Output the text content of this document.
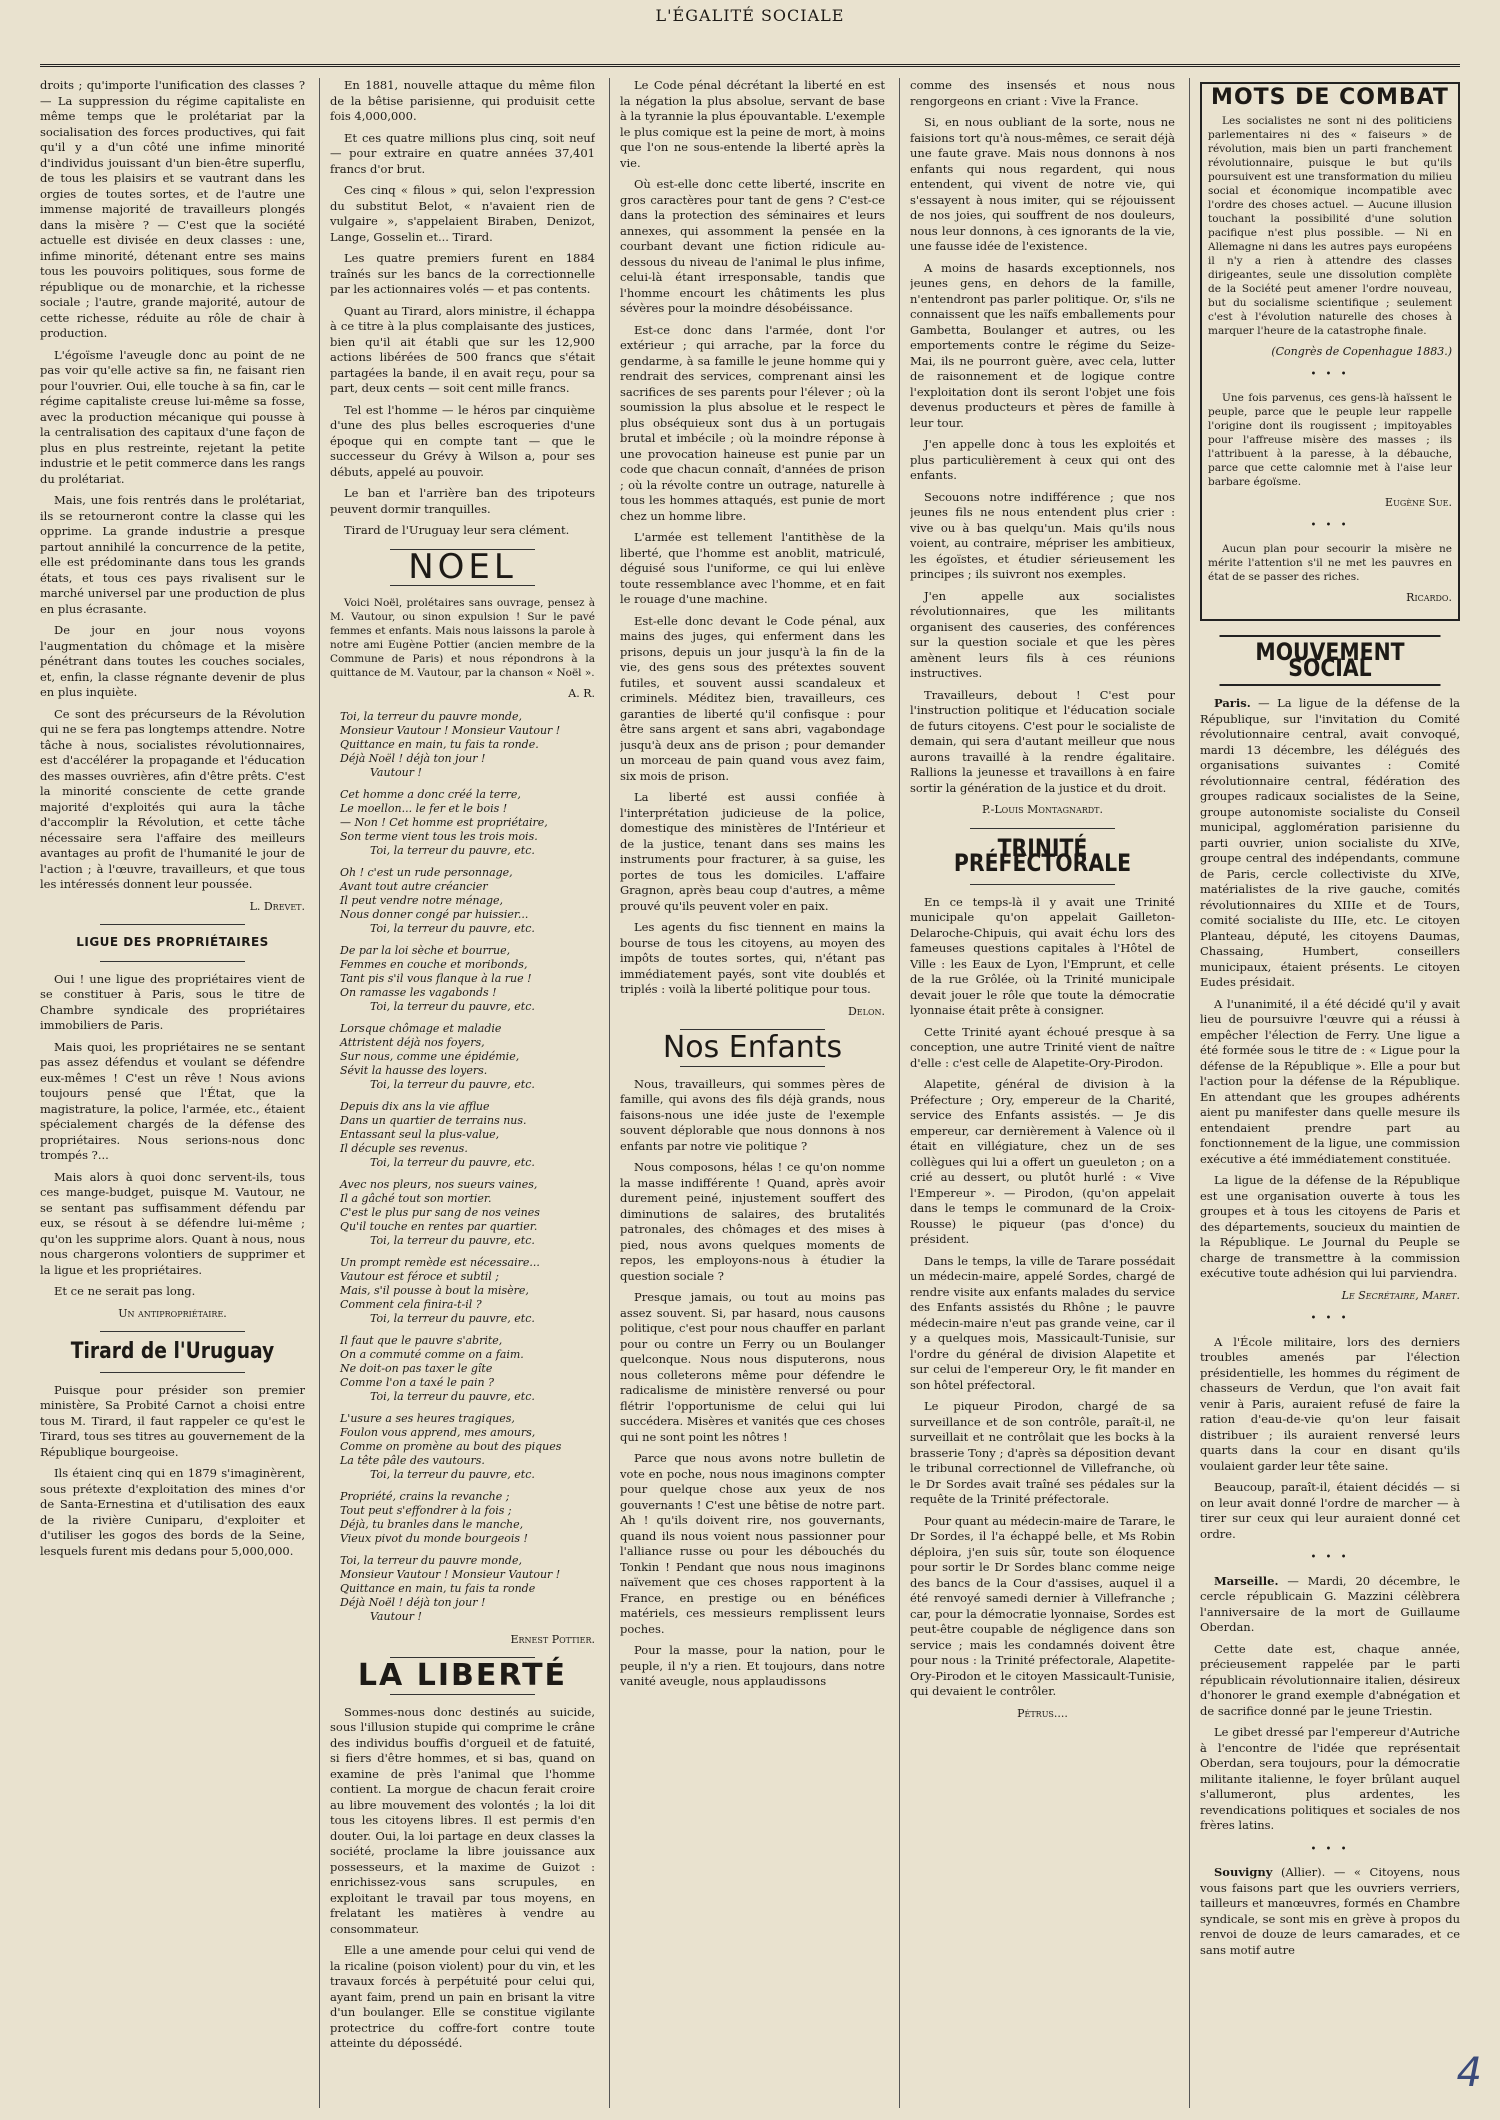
L'ÉGALITÉ SOCIALE

droits ; qu'importe l'unification des classes ? — La suppression du régime capitaliste en même temps que le prolétariat par la socialisation des forces productives, qui fait qu'il y a d'un côté une infime minorité d'individus jouissant d'un bien-être superflu, de tous les plaisirs et se vautrant dans les orgies de toutes sortes, et de l'autre une immense majorité de travailleurs plongés dans la misère ? — C'est que la société actuelle est divisée en deux classes : une, infime minorité, détenant entre ses mains tous les pouvoirs politiques, sous forme de république ou de monarchie, et la richesse sociale ; l'autre, grande majorité, autour de cette richesse, réduite au rôle de chair à production.

L'égoïsme l'aveugle donc au point de ne pas voir qu'elle active sa fin, ne faisant rien pour l'ouvrier. Oui, elle touche à sa fin, car le régime capitaliste creuse lui-même sa fosse, avec la production mécanique qui pousse à la centralisation des capitaux d'une façon de plus en plus restreinte, rejetant la petite industrie et le petit commerce dans les rangs du prolétariat.

Mais, une fois rentrés dans le prolétariat, ils se retourneront contre la classe qui les opprime. La grande industrie a presque partout annihilé la concurrence de la petite, elle est prédominante dans tous les grands états, et tous ces pays rivalisent sur le marché universel par une production de plus en plus écrasante.

De jour en jour nous voyons l'augmentation du chômage et la misère pénétrant dans toutes les couches sociales, et, enfin, la classe régnante devenir de plus en plus inquiète.

Ce sont des précurseurs de la Révolution qui ne se fera pas longtemps attendre. Notre tâche à nous, socialistes révolutionnaires, est d'accélérer la propagande et l'éducation des masses ouvrières, afin d'être prêts. C'est la minorité consciente de cette grande majorité d'exploités qui aura la tâche d'accomplir la Révolution, et cette tâche nécessaire sera l'affaire des meilleurs avantages au profit de l'humanité le jour de l'action ; à l'œuvre, travailleurs, et que tous les intéressés donnent leur poussée.

L. Drevet.
LIGUE DES PROPRIÉTAIRES

Oui ! une ligue des propriétaires vient de se constituer à Paris, sous le titre de Chambre syndicale des propriétaires immobiliers de Paris.

Mais quoi, les propriétaires ne se sentant pas assez défendus et voulant se défendre eux-mêmes ! C'est un rêve ! Nous avions toujours pensé que l'État, que la magistrature, la police, l'armée, etc., étaient spécialement chargés de la défense des propriétaires. Nous serions-nous donc trompés ?...

Mais alors à quoi donc servent-ils, tous ces mange-budget, puisque M. Vautour, ne se sentant pas suffisamment défendu par eux, se résout à se défendre lui-même ; qu'on les supprime alors. Quant à nous, nous nous chargerons volontiers de supprimer et la ligue et les propriétaires.

Et ce ne serait pas long.

Un antipropriétaire.
Tirard de l'Uruguay

Puisque pour présider son premier ministère, Sa Probité Carnot a choisi entre tous M. Tirard, il faut rappeler ce qu'est le Tirard, tous ses titres au gouvernement de la République bourgeoise.

Ils étaient cinq qui en 1879 s'imaginèrent, sous prétexte d'exploitation des mines d'or de Santa-Ernestina et d'utilisation des eaux de la rivière Cuniparu, d'exploiter et d'utiliser les gogos des bords de la Seine, lesquels furent mis dedans pour 5,000,000.

En 1881, nouvelle attaque du même filon de la bêtise parisienne, qui produisit cette fois 4,000,000.

Et ces quatre millions plus cinq, soit neuf — pour extraire en quatre années 37,401 francs d'or brut.

Ces cinq « filous » qui, selon l'expression du substitut Belot, « n'avaient rien de vulgaire », s'appelaient Biraben, Denizot, Lange, Gosselin et... Tirard.

Les quatre premiers furent en 1884 traînés sur les bancs de la correctionnelle par les actionnaires volés — et pas contents.

Quant au Tirard, alors ministre, il échappa à ce titre à la plus complaisante des justices, bien qu'il ait établi que sur les 12,900 actions libérées de 500 francs que s'était partagées la bande, il en avait reçu, pour sa part, deux cents — soit cent mille francs.

Tel est l'homme — le héros par cinquième d'une des plus belles escroqueries d'une époque qui en compte tant — que le successeur du Grévy à Wilson a, pour ses débuts, appelé au pouvoir.

Le ban et l'arrière ban des tripoteurs peuvent dormir tranquilles.

Tirard de l'Uruguay leur sera clément.

NOEL

Voici Noël, prolétaires sans ouvrage, pensez à M. Vautour, ou sinon expulsion ! Sur le pavé femmes et enfants. Mais nous laissons la parole à notre ami Eugène Pottier (ancien membre de la Commune de Paris) et nous répondrons à la quittance de M. Vautour, par la chanson « Noël ».

A. R.
Toi, la terreur du pauvre monde,
Monsieur Vautour ! Monsieur Vautour !
Quittance en main, tu fais ta ronde.
Déjà Noël ! déjà ton jour !
Vautour !
Cet homme a donc créé la terre,
Le moellon... le fer et le bois !
— Non ! Cet homme est propriétaire,
Son terme vient tous les trois mois.
Toi, la terreur du pauvre, etc.
Oh ! c'est un rude personnage,
Avant tout autre créancier
Il peut vendre notre ménage,
Nous donner congé par huissier...
Toi, la terreur du pauvre, etc.
De par la loi sèche et bourrue,
Femmes en couche et moribonds,
Tant pis s'il vous flanque à la rue !
On ramasse les vagabonds !
Toi, la terreur du pauvre, etc.
Lorsque chômage et maladie
Attristent déjà nos foyers,
Sur nous, comme une épidémie,
Sévit la hausse des loyers.
Toi, la terreur du pauvre, etc.
Depuis dix ans la vie afflue
Dans un quartier de terrains nus.
Entassant seul la plus-value,
Il décuple ses revenus.
Toi, la terreur du pauvre, etc.
Avec nos pleurs, nos sueurs vaines,
Il a gâché tout son mortier.
C'est le plus pur sang de nos veines
Qu'il touche en rentes par quartier.
Toi, la terreur du pauvre, etc.
Un prompt remède est nécessaire...
Vautour est féroce et subtil ;
Mais, s'il pousse à bout la misère,
Comment cela finira-t-il ?
Toi, la terreur du pauvre, etc.
Il faut que le pauvre s'abrite,
On a commuté comme on a faim.
Ne doit-on pas taxer le gîte
Comme l'on a taxé le pain ?
Toi, la terreur du pauvre, etc.
L'usure a ses heures tragiques,
Foulon vous apprend, mes amours,
Comme on promène au bout des piques
La tête pâle des vautours.
Toi, la terreur du pauvre, etc.
Propriété, crains la revanche ;
Tout peut s'effondrer à la fois ;
Déjà, tu branles dans le manche,
Vieux pivot du monde bourgeois !
Toi, la terreur du pauvre monde,
Monsieur Vautour ! Monsieur Vautour !
Quittance en main, tu fais ta ronde
Déjà Noël ! déjà ton jour !
Vautour !
Ernest Pottier.
LA LIBERTÉ

Sommes-nous donc destinés au suicide, sous l'illusion stupide qui comprime le crâne des individus bouffis d'orgueil et de fatuité, si fiers d'être hommes, et si bas, quand on examine de près l'animal que l'homme contient. La morgue de chacun ferait croire au libre mouvement des volontés ; la loi dit tous les citoyens libres. Il est permis d'en douter. Oui, la loi partage en deux classes la société, proclame la libre jouissance aux possesseurs, et la maxime de Guizot : enrichissez-vous sans scrupules, en exploitant le travail par tous moyens, en frelatant les matières à vendre au consommateur.

Elle a une amende pour celui qui vend de la ricaline (poison violent) pour du vin, et les travaux forcés à perpétuité pour celui qui, ayant faim, prend un pain en brisant la vitre d'un boulanger. Elle se constitue vigilante protectrice du coffre-fort contre toute atteinte du dépossédé.

Le Code pénal décrétant la liberté en est la négation la plus absolue, servant de base à la tyrannie la plus épouvantable. L'exemple le plus comique est la peine de mort, à moins que l'on ne sous-entende la liberté après la vie.

Où est-elle donc cette liberté, inscrite en gros caractères pour tant de gens ? C'est-ce dans la protection des séminaires et leurs annexes, qui assomment la pensée en la courbant devant une fiction ridicule au-dessous du niveau de l'animal le plus infime, celui-là étant irresponsable, tandis que l'homme encourt les châtiments les plus sévères pour la moindre désobéissance.

Est-ce donc dans l'armée, dont l'or extérieur ; qui arrache, par la force du gendarme, à sa famille le jeune homme qui y rendrait des services, comprenant ainsi les sacrifices de ses parents pour l'élever ; où la soumission la plus absolue et le respect le plus obséquieux sont dus à un portugais brutal et imbécile ; où la moindre réponse à une provocation haineuse est punie par un code que chacun connaît, d'années de prison ; où la révolte contre un outrage, naturelle à tous les hommes attaqués, est punie de mort chez un homme libre.

L'armée est tellement l'antithèse de la liberté, que l'homme est anoblit, matriculé, déguisé sous l'uniforme, ce qui lui enlève toute ressemblance avec l'homme, et en fait le rouage d'une machine.

Est-elle donc devant le Code pénal, aux mains des juges, qui enferment dans les prisons, depuis un jour jusqu'à la fin de la vie, des gens sous des prétextes souvent futiles, et souvent aussi scandaleux et criminels. Méditez bien, travailleurs, ces garanties de liberté qu'il confisque : pour être sans argent et sans abri, vagabondage jusqu'à deux ans de prison ; pour demander un morceau de pain quand vous avez faim, six mois de prison.

La liberté est aussi confiée à l'interprétation judicieuse de la police, domestique des ministères de l'Intérieur et de la justice, tenant dans ses mains les instruments pour fracturer, à sa guise, les portes de tous les domiciles. L'affaire Gragnon, après beau coup d'autres, a même prouvé qu'ils peuvent voler en paix.

Les agents du fisc tiennent en mains la bourse de tous les citoyens, au moyen des impôts de toutes sortes, qui, n'étant pas immédiatement payés, sont vite doublés et triplés : voilà la liberté politique pour tous.

Delon.
Nos Enfants

Nous, travailleurs, qui sommes pères de famille, qui avons des fils déjà grands, nous faisons-nous une idée juste de l'exemple souvent déplorable que nous donnons à nos enfants par notre vie politique ?

Nous composons, hélas ! ce qu'on nomme la masse indifférente ! Quand, après avoir durement peiné, injustement souffert des diminutions de salaires, des brutalités patronales, des chômages et des mises à pied, nous avons quelques moments de repos, les employons-nous à étudier la question sociale ?

Presque jamais, ou tout au moins pas assez souvent. Si, par hasard, nous causons politique, c'est pour nous chauffer en parlant pour ou contre un Ferry ou un Boulanger quelconque. Nous nous disputerons, nous nous colleterons même pour défendre le radicalisme de ministère renversé ou pour flétrir l'opportunisme de celui qui lui succédera. Misères et vanités que ces choses qui ne sont point les nôtres !

Parce que nous avons notre bulletin de vote en poche, nous nous imaginons compter pour quelque chose aux yeux de nos gouvernants ! C'est une bêtise de notre part. Ah ! qu'ils doivent rire, nos gouvernants, quand ils nous voient nous passionner pour l'alliance russe ou pour les débouchés du Tonkin ! Pendant que nous nous imaginons naïvement que ces choses rapportent à la France, en prestige ou en bénéfices matériels, ces messieurs remplissent leurs poches.

Pour la masse, pour la nation, pour le peuple, il n'y a rien. Et toujours, dans notre vanité aveugle, nous applaudissons

comme des insensés et nous nous rengorgeons en criant : Vive la France.

Si, en nous oubliant de la sorte, nous ne faisions tort qu'à nous-mêmes, ce serait déjà une faute grave. Mais nous donnons à nos enfants qui nous regardent, qui nous entendent, qui vivent de notre vie, qui s'essayent à nous imiter, qui se réjouissent de nos joies, qui souffrent de nos douleurs, nous leur donnons, à ces ignorants de la vie, une fausse idée de l'existence.

A moins de hasards exceptionnels, nos jeunes gens, en dehors de la famille, n'entendront pas parler politique. Or, s'ils ne connaissent que les naïfs emballements pour Gambetta, Boulanger et autres, ou les emportements contre le régime du Seize-Mai, ils ne pourront guère, avec cela, lutter de raisonnement et de logique contre l'exploitation dont ils seront l'objet une fois devenus producteurs et pères de famille à leur tour.

J'en appelle donc à tous les exploités et plus particulièrement à ceux qui ont des enfants.

Secouons notre indifférence ; que nos jeunes fils ne nous entendent plus crier : vive ou à bas quelqu'un. Mais qu'ils nous voient, au contraire, mépriser les ambitieux, les égoïstes, et étudier sérieusement les principes ; ils suivront nos exemples.

J'en appelle aux socialistes révolutionnaires, que les militants organisent des causeries, des conférences sur la question sociale et que les pères amènent leurs fils à ces réunions instructives.

Travailleurs, debout ! C'est pour l'instruction politique et l'éducation sociale de futurs citoyens. C'est pour le socialiste de demain, qui sera d'autant meilleur que nous aurons travaillé à la rendre égalitaire. Rallions la jeunesse et travaillons à en faire sortir la génération de la justice et du droit.

P.-Louis Montagnardt.
TRINITÉ PRÉFECTORALE

En ce temps-là il y avait une Trinité municipale qu'on appelait Gailleton-Delaroche-Chipuis, qui avait échu lors des fameuses questions capitales à l'Hôtel de Ville : les Eaux de Lyon, l'Emprunt, et celle de la rue Grôlée, où la Trinité municipale devait jouer le rôle que toute la démocratie lyonnaise était prête à consigner.

Cette Trinité ayant échoué presque à sa conception, une autre Trinité vient de naître d'elle : c'est celle de Alapetite-Ory-Pirodon.

Alapetite, général de division à la Préfecture ; Ory, empereur de la Charité, service des Enfants assistés. — Je dis empereur, car dernièrement à Valence où il était en villégiature, chez un de ses collègues qui lui a offert un gueuleton ; on a crié au dessert, ou plutôt hurlé : « Vive l'Empereur ». — Pirodon, (qu'on appelait dans le temps le communard de la Croix-Rousse) le piqueur (pas d'once) du président.

Dans le temps, la ville de Tarare possédait un médecin-maire, appelé Sordes, chargé de rendre visite aux enfants malades du service des Enfants assistés du Rhône ; le pauvre médecin-maire n'eut pas grande veine, car il y a quelques mois, Massicault-Tunisie, sur l'ordre du général de division Alapetite et sur celui de l'empereur Ory, le fit mander en son hôtel préfectoral.

Le piqueur Pirodon, chargé de sa surveillance et de son contrôle, paraît-il, ne surveillait et ne contrôlait que les bocks à la brasserie Tony ; d'après sa déposition devant le tribunal correctionnel de Villefranche, où le Dr Sordes avait traîné ses pédales sur la requête de la Trinité préfectorale.

Pour quant au médecin-maire de Tarare, le Dr Sordes, il l'a échappé belle, et Ms Robin déploira, j'en suis sûr, toute son éloquence pour sortir le Dr Sordes blanc comme neige des bancs de la Cour d'assises, auquel il a été renvoyé samedi dernier à Villefranche ; car, pour la démocratie lyonnaise, Sordes est peut-être coupable de négligence dans son service ; mais les condamnés doivent être pour nous : la Trinité préfectorale, Alapetite-Ory-Pirodon et le citoyen Massicault-Tunisie, qui devaient le contrôler.

Pétrus....
MOTS DE COMBAT

Les socialistes ne sont ni des politiciens parlementaires ni des « faiseurs » de révolution, mais bien un parti franchement révolutionnaire, puisque le but qu'ils poursuivent est une transformation du milieu social et économique incompatible avec l'ordre des choses actuel. — Aucune illusion touchant la possibilité d'une solution pacifique n'est plus possible. — Ni en Allemagne ni dans les autres pays européens il n'y a rien à attendre des classes dirigeantes, seule une dissolution complète de la Société peut amener l'ordre nouveau, but du socialisme scientifique ; seulement c'est à l'évolution naturelle des choses à marquer l'heure de la catastrophe finale.

(Congrès de Copenhague 1883.)
• • •

Une fois parvenus, ces gens-là haïssent le peuple, parce que le peuple leur rappelle l'origine dont ils rougissent ; impitoyables pour l'affreuse misère des masses ; ils l'attribuent à la paresse, à la débauche, parce que cette calomnie met à l'aise leur barbare égoïsme.

Eugène Sue.
• • •

Aucun plan pour secourir la misère ne mérite l'attention s'il ne met les pauvres en état de se passer des riches.

Ricardo.
MOUVEMENT SOCIAL

Paris. — La ligue de la défense de la République, sur l'invitation du Comité révolutionnaire central, avait convoqué, mardi 13 décembre, les délégués des organisations suivantes : Comité révolutionnaire central, fédération des groupes radicaux socialistes de la Seine, groupe autonomiste socialiste du Conseil municipal, agglomération parisienne du parti ouvrier, union socialiste du XIVe, groupe central des indépendants, commune de Paris, cercle collectiviste du XIVe, matérialistes de la rive gauche, comités révolutionnaires du XIIIe et de Tours, comité socialiste du IIIe, etc. Le citoyen Planteau, député, les citoyens Daumas, Chassaing, Humbert, conseillers municipaux, étaient présents. Le citoyen Eudes présidait.

A l'unanimité, il a été décidé qu'il y avait lieu de poursuivre l'œuvre qui a réussi à empêcher l'élection de Ferry. Une ligue a été formée sous le titre de : « Ligue pour la défense de la République ». Elle a pour but l'action pour la défense de la République. En attendant que les groupes adhérents aient pu manifester dans quelle mesure ils entendaient prendre part au fonctionnement de la ligue, une commission exécutive a été immédiatement constituée.

La ligue de la défense de la République est une organisation ouverte à tous les groupes et à tous les citoyens de Paris et des départements, soucieux du maintien de la République. Le Journal du Peuple se charge de transmettre à la commission exécutive toute adhésion qui lui parviendra.

Le Secrétaire, Maret.
• • •

A l'École militaire, lors des derniers troubles amenés par l'élection présidentielle, les hommes du régiment de chasseurs de Verdun, que l'on avait fait venir à Paris, auraient refusé de faire la ration d'eau-de-vie qu'on leur faisait distribuer ; ils auraient renversé leurs quarts dans la cour en disant qu'ils voulaient garder leur tête saine.

Beaucoup, paraît-il, étaient décidés — si on leur avait donné l'ordre de marcher — à tirer sur ceux qui leur auraient donné cet ordre.

• • •

Marseille. — Mardi, 20 décembre, le cercle républicain G. Mazzini célèbrera l'anniversaire de la mort de Guillaume Oberdan.

Cette date est, chaque année, précieusement rappelée par le parti républicain révolutionnaire italien, désireux d'honorer le grand exemple d'abnégation et de sacrifice donné par le jeune Triestin.

Le gibet dressé par l'empereur d'Autriche à l'encontre de l'idée que représentait Oberdan, sera toujours, pour la démocratie militante italienne, le foyer brûlant auquel s'allumeront, plus ardentes, les revendications politiques et sociales de nos frères latins.

• • •

Souvigny (Allier). — « Citoyens, nous vous faisons part que les ouvriers verriers, tailleurs et manœuvres, formés en Chambre syndicale, se sont mis en grève à propos du renvoi de douze de leurs camarades, et ce sans motif autre

4
